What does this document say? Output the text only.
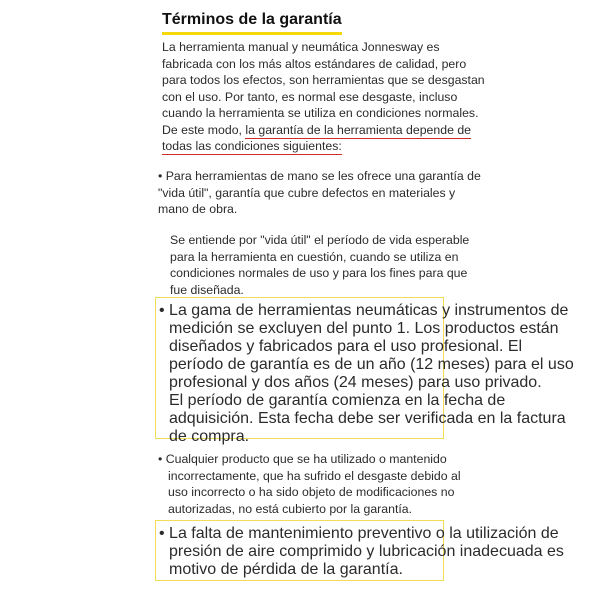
Términos de la garantía
La herramienta manual y neumática Jonnesway es
fabricada con los más altos estándares de calidad, pero
para todos los efectos, son herramientas que se desgastan
con el uso. Por tanto, es normal ese desgaste, incluso
cuando la herramienta se utiliza en condiciones normales.
De este modo, la garantía de la herramienta depende de
todas las condiciones siguientes:
• Para herramientas de mano se les ofrece una garantía de
"vida útil", garantía que cubre defectos en materiales y
mano de obra.
Se entiende por "vida útil" el período de vida esperable
para la herramienta en cuestión, cuando se utiliza en
condiciones normales de uso y para los fines para que
fue diseñada.
• La gama de herramientas neumáticas y instrumentos de
medición se excluyen del punto 1. Los productos están
diseñados y fabricados para el uso profesional. El
período de garantía es de un año (12 meses) para el uso
profesional y dos años (24 meses) para uso privado.
El período de garantía comienza en la fecha de
adquisición. Esta fecha debe ser verificada en la factura
de compra.
• Cualquier producto que se ha utilizado o mantenido
incorrectamente, que ha sufrido el desgaste debido al
uso incorrecto o ha sido objeto de modificaciones no
autorizadas, no está cubierto por la garantía.
• La falta de mantenimiento preventivo o la utilización de
presión de aire comprimido y lubricación inadecuada es
motivo de pérdida de la garantía.
